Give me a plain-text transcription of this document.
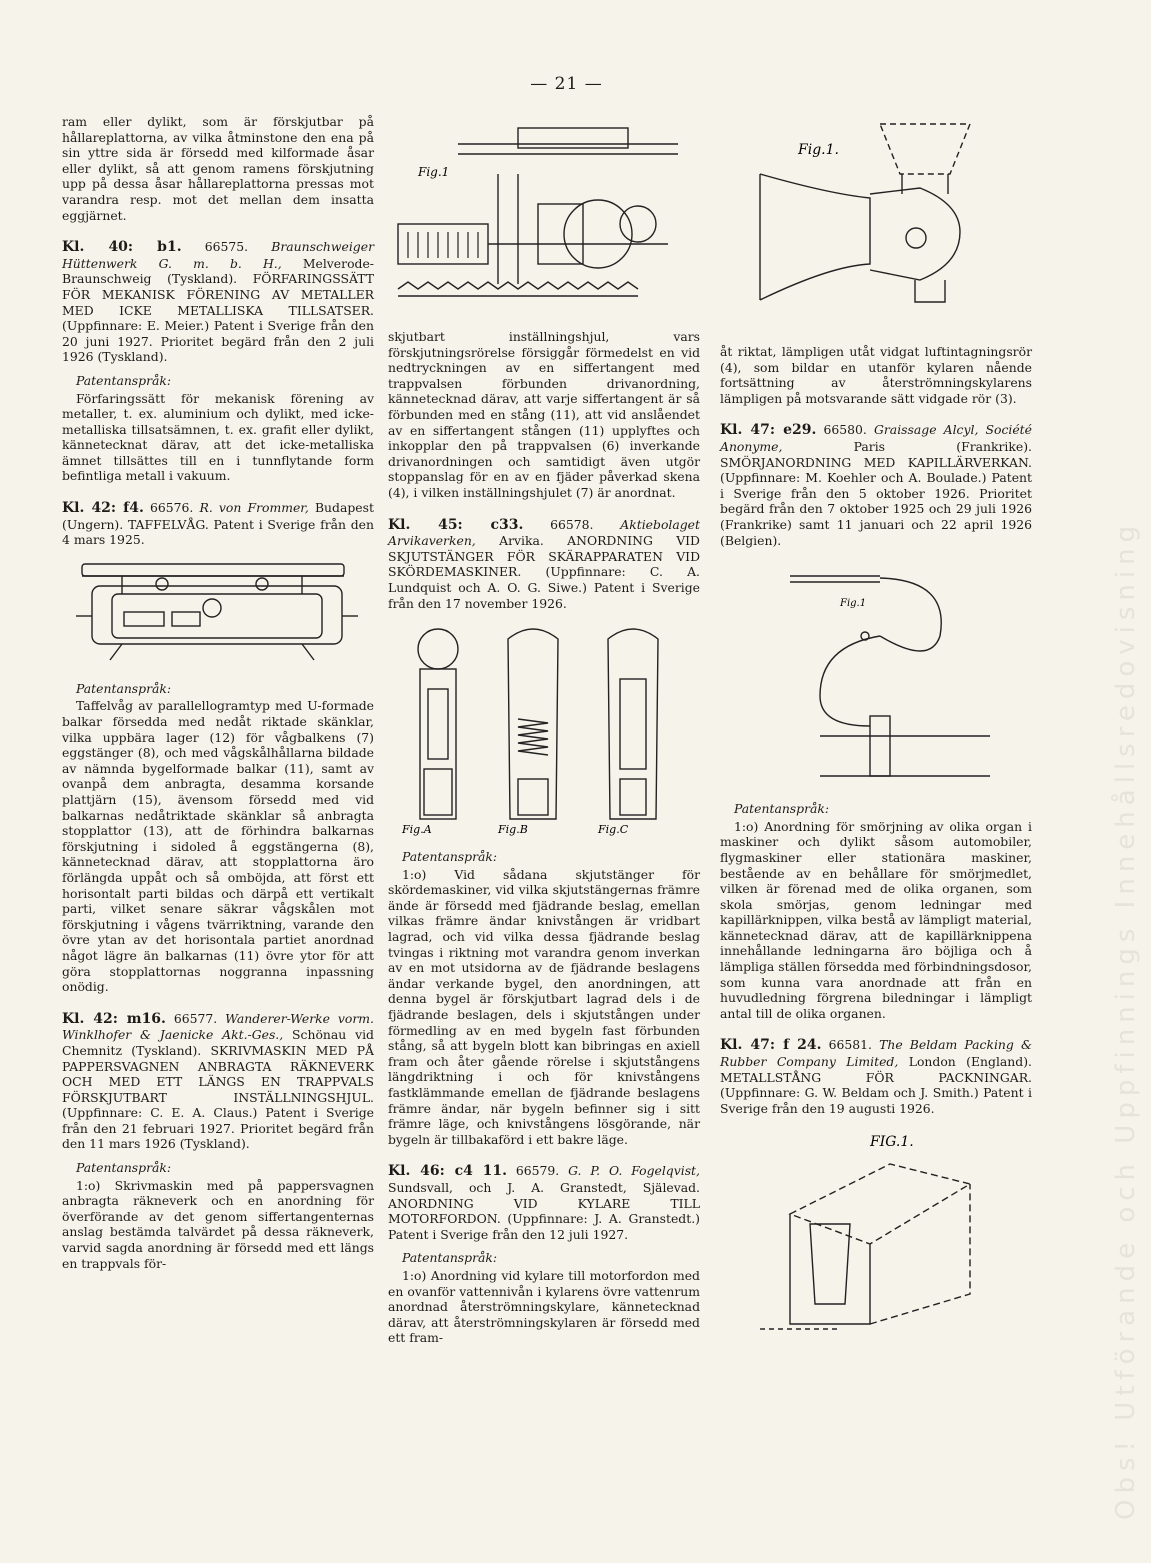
— 21 —
Obs! Utförande och Uppfinnings Innehållsredovisning

ram eller dylikt, som är förskjutbar på hållareplattorna, av vilka åtminstone den ena på sin yttre sida är försedd med kilformade åsar eller dylikt, så att genom ramens förskjutning upp på dessa åsar hållareplattorna pressas mot varandra resp. mot det mellan dem insatta eggjärnet.

Kl. 40: b1. 66575. Braunschweiger Hüttenwerk G. m. b. H., Melverode-Braunschweig (Tyskland). FÖRFARINGSSÄTT FÖR MEKANISK FÖRENING AV METALLER MED ICKE METALLISKA TILLSATSER. (Uppfinnare: E. Meier.) Patent i Sverige från den 20 juni 1927. Prioritet begärd från den 2 juli 1926 (Tyskland).

Patentanspråk:

Förfaringssätt för mekanisk förening av metaller, t. ex. aluminium och dylikt, med icke-metalliska tillsatsämnen, t. ex. grafit eller dylikt, kännetecknat därav, att det icke-metalliska ämnet tillsättes till en i tunnflytande form befintliga metall i vakuum.

Kl. 42: f4. 66576. R. von Frommer, Budapest (Ungern). TAFFELVÅG. Patent i Sverige från den 4 mars 1925.

Patentanspråk:

Taffelvåg av parallellogramtyp med U-formade balkar försedda med nedåt riktade skänklar, vilka uppbära lager (12) för vågbalkens (7) eggstänger (8), och med vågskålhållarna bildade av nämnda bygelformade balkar (11), samt av ovanpå dem anbragta, desamma korsande plattjärn (15), ävensom försedd med vid balkarnas nedåtriktade skänklar så anbragta stopplattor (13), att de förhindra balkarnas förskjutning i sidoled å eggstängerna (8), kännetecknad därav, att stopplattorna äro förlängda uppåt och så omböjda, att först ett horisontalt parti bildas och därpå ett vertikalt parti, vilket senare säkrar vågskålen mot förskjutning i vågens tvärriktning, varande den övre ytan av det horisontala partiet anordnad något lägre än balkarnas (11) övre ytor för att göra stopplattornas noggranna inpassning onödig.

Kl. 42: m16. 66577. Wanderer-Werke vorm. Winklhofer & Jaenicke Akt.-Ges., Schönau vid Chemnitz (Tyskland). SKRIVMASKIN MED PÅ PAPPERSVAGNEN ANBRAGTA RÄKNEVERK OCH MED ETT LÄNGS EN TRAPPVALS FÖRSKJUTBART INSTÄLLNINGSHJUL. (Uppfinnare: C. E. A. Claus.) Patent i Sverige från den 21 februari 1927. Prioritet begärd från den 11 mars 1926 (Tyskland).

Patentanspråk:

1:o) Skrivmaskin med på pappersvagnen anbragta räkneverk och en anordning för överförande av det genom siffertangenternas anslag bestämda talvärdet på dessa räkneverk, varvid sagda anordning är försedd med ett längs en trappvals för-

Fig.1

skjutbart inställningshjul, vars förskjutningsrörelse försiggår förmedelst en vid nedtryckningen av en siffertangent med trappvalsen förbunden drivanordning, kännetecknad därav, att varje siffertangent är så förbunden med en stång (11), att vid anslåendet av en siffertangent stången (11) upplyftes och inkopplar den på trappvalsen (6) inverkande drivanordningen och samtidigt även utgör stoppanslag för en av en fjäder påverkad skena (4), i vilken inställningshjulet (7) är anordnat.

Kl. 45: c33. 66578. Aktiebolaget Arvikaverken, Arvika. ANORDNING VID SKJUTSTÄNGER FÖR SKÄRAPPARATEN VID SKÖRDEMASKINER. (Uppfinnare: C. A. Lundquist och A. O. G. Siwe.) Patent i Sverige från den 17 november 1926.

Fig.A	Fig.B	Fig.C

Patentanspråk:

1:o) Vid sådana skjutstänger för skördemaskiner, vid vilka skjutstängernas främre ände är försedd med fjädrande beslag, emellan vilkas främre ändar knivstången är vridbart lagrad, och vid vilka dessa fjädrande beslag tvingas i riktning mot varandra genom inverkan av en mot utsidorna av de fjädrande beslagens ändar verkande bygel, den anordningen, att denna bygel är förskjutbart lagrad dels i de fjädrande beslagen, dels i skjutstången under förmedling av en med bygeln fast förbunden stång, så att bygeln blott kan bibringas en axiell fram och åter gående rörelse i skjutstångens längdriktning i och för knivstångens fastklämmande emellan de fjädrande beslagens främre ändar, när bygeln befinner sig i sitt främre läge, och knivstångens lösgörande, när bygeln är tillbakaförd i ett bakre läge.

Kl. 46: c4 11. 66579. G. P. O. Fogelqvist, Sundsvall, och J. A. Granstedt, Själevad. ANORDNING VID KYLARE TILL MOTORFORDON. (Uppfinnare: J. A. Granstedt.) Patent i Sverige från den 12 juli 1927.

Patentanspråk:

1:o) Anordning vid kylare till motorfordon med en ovanför vattennivån i kylarens övre vattenrum anordnad återströmningskylare, kännetecknad därav, att återströmningskylaren är försedd med ett fram-

Fig.1.

åt riktat, lämpligen utåt vidgat luftintagningsrör (4), som bildar en utanför kylaren nående fortsättning av återströmningskylarens lämpligen på motsvarande sätt vidgade rör (3).

Kl. 47: e29. 66580. Graissage Alcyl, Société Anonyme,	Paris (Frankrike). SMÖRJANORDNING MED KAPILLÄRVERKAN. (Uppfinnare: M. Koehler och A. Boulade.) Patent i Sverige från den 5 oktober 1926. Prioritet begärd från den 7 oktober 1925 och 29 juli 1926 (Frankrike) samt 11 januari och 22 april 1926 (Belgien).

Fig.1

Patentanspråk:

1:o) Anordning för smörjning av olika organ i maskiner och dylikt såsom automobiler, flygmaskiner eller stationära maskiner, bestående av en behållare för smörjmedlet, vilken är förenad med de olika organen, som skola smörjas, genom ledningar med kapillärknippen, vilka bestå av lämpligt material, kännetecknad därav, att de kapillärknippena innehållande ledningarna äro böjliga och å lämpliga ställen försedda med förbindningsdosor, som kunna vara anordnade att från en huvudledning förgrena biledningar i lämpligt antal till de olika organen.

Kl. 47: f 24. 66581. The Beldam Packing & Rubber Company Limited, London (England). METALLSTÅNG FÖR PACKNINGAR. (Uppfinnare: G. W. Beldam och J. Smith.) Patent i Sverige från den 19 augusti 1926.

FIG.1.
